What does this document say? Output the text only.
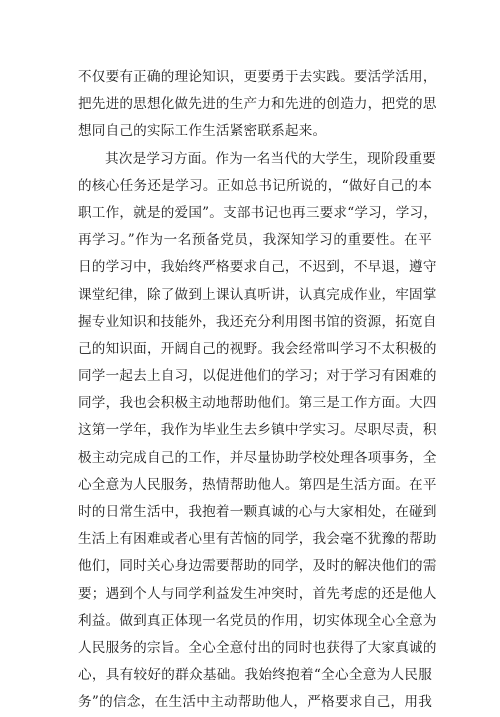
不仅要有正确的理论知识，更要勇于去实践。要活学活用，
把先进的思想化做先进的生产力和先进的创造力，把党的思
想同自己的实际工作生活紧密联系起来。
其次是学习方面。作为一名当代的大学生，现阶段重要
的核心任务还是学习。正如总书记所说的，“做好自己的本
职工作，就是的爱国”。支部书记也再三要求“学习，学习，
再学习。”作为一名预备党员，我深知学习的重要性。在平
日的学习中，我始终严格要求自己，不迟到，不早退，遵守
课堂纪律，除了做到上课认真听讲，认真完成作业，牢固掌
握专业知识和技能外，我还充分利用图书馆的资源，拓宽自
己的知识面，开阔自己的视野。我会经常叫学习不太积极的
同学一起去上自习，以促进他们的学习；对于学习有困难的
同学，我也会积极主动地帮助他们。第三是工作方面。大四
这第一学年，我作为毕业生去乡镇中学实习。尽职尽责，积
极主动完成自己的工作，并尽量协助学校处理各项事务，全
心全意为人民服务，热情帮助他人。第四是生活方面。在平
时的日常生活中，我抱着一颗真诚的心与大家相处，在碰到
生活上有困难或者心里有苦恼的同学，我会毫不犹豫的帮助
他们，同时关心身边需要帮助的同学，及时的解决他们的需
要；遇到个人与同学利益发生冲突时，首先考虑的还是他人
利益。做到真正体现一名党员的作用，切实体现全心全意为
人民服务的宗旨。全心全意付出的同时也获得了大家真诚的
心，具有较好的群众基础。我始终抱着“全心全意为人民服
务”的信念，在生活中主动帮助他人，严格要求自己，用我
